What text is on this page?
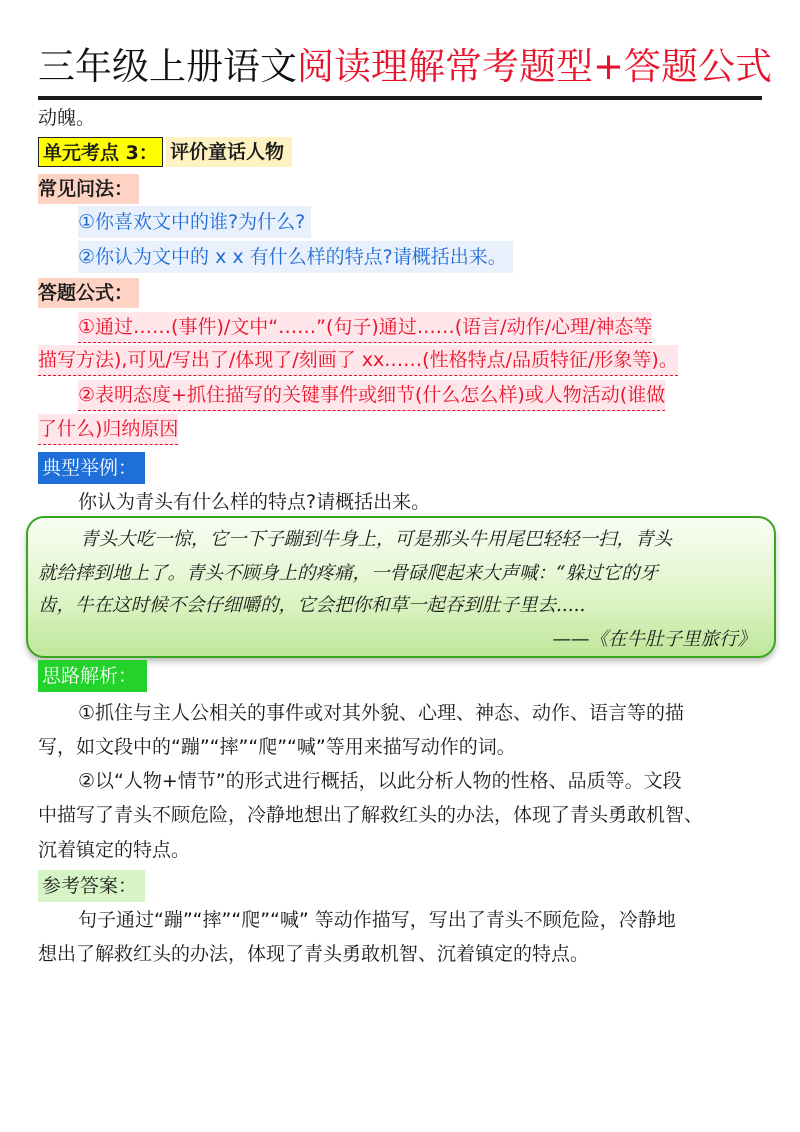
三年级上册语文阅读理解常考题型+答题公式
动魄。
单元考点 3： 评价童话人物
常见问法：
①你喜欢文中的谁?为什么?
②你认为文中的 x x 有什么样的特点?请概括出来。
答题公式：
①通过……(事件)/文中“……”(句子)通过……(语言/动作/心理/神态等
描写方法),可见/写出了/体现了/刻画了 xx……(性格特点/品质特征/形象等)。
②表明态度+抓住描写的关键事件或细节(什么怎么样)或人物活动(谁做
了什么)归纳原因
典型举例：
你认为青头有什么样的特点?请概括出来。
青头大吃一惊，它一下子蹦到牛身上，可是那头牛用尾巴轻轻一扫，青头
就给摔到地上了。青头不顾身上的疼痛，一骨碌爬起来大声喊：“躲过它的牙
齿，牛在这时候不会仔细嚼的，它会把你和草一起吞到肚子里去.....
——《在牛肚子里旅行》
思路解析：
①抓住与主人公相关的事件或对其外貌、心理、神态、动作、语言等的描
写，如文段中的“蹦”“摔”“爬”“喊”等用来描写动作的词。
②以“人物+情节”的形式进行概括，以此分析人物的性格、品质等。文段
中描写了青头不顾危险，冷静地想出了解救红头的办法，体现了青头勇敢机智、
沉着镇定的特点。
参考答案：
句子通过“蹦”“摔”“爬”“喊” 等动作描写，写出了青头不顾危险，冷静地
想出了解救红头的办法，体现了青头勇敢机智、沉着镇定的特点。
